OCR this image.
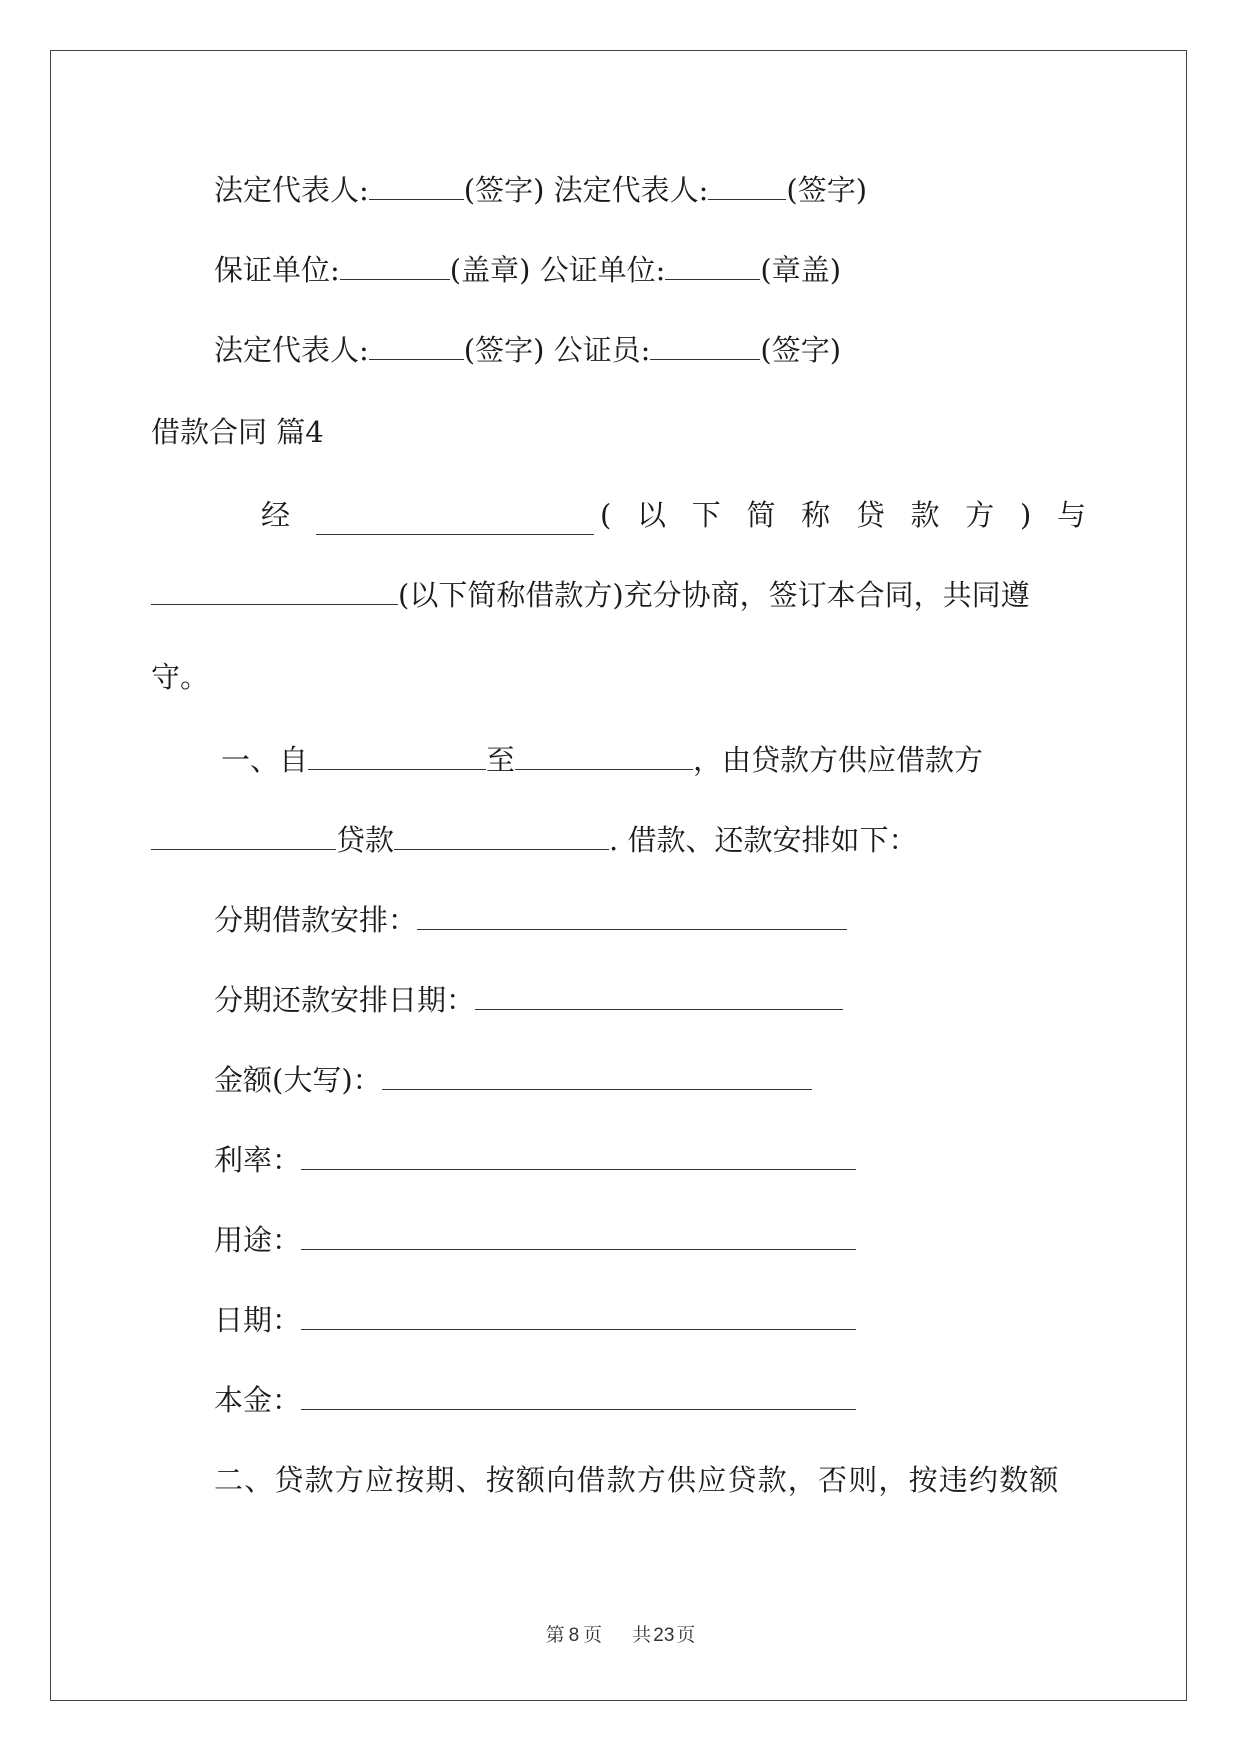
法定代表人:	(签字) 法定代表人:	(签字)
保证单位:	(盖章) 公证单位:	(章盖)
法定代表人:	(签字) 公证员:	(签字)
借款合同 篇4
经	( 以 下 简 称 贷 款 方 ) 与
(以下简称借款方)充分协商，签订本合同，共同遵
守。
一、自	至	，由贷款方供应借款方
贷款	. 借款、还款安排如下：
分期借款安排：
分期还款安排日期：
金额(大写)：
利率：
用途：
日期：
本金：
二、贷款方应按期、按额向借款方供应贷款，否则，按违约数额
第 8 页 共 23 页
